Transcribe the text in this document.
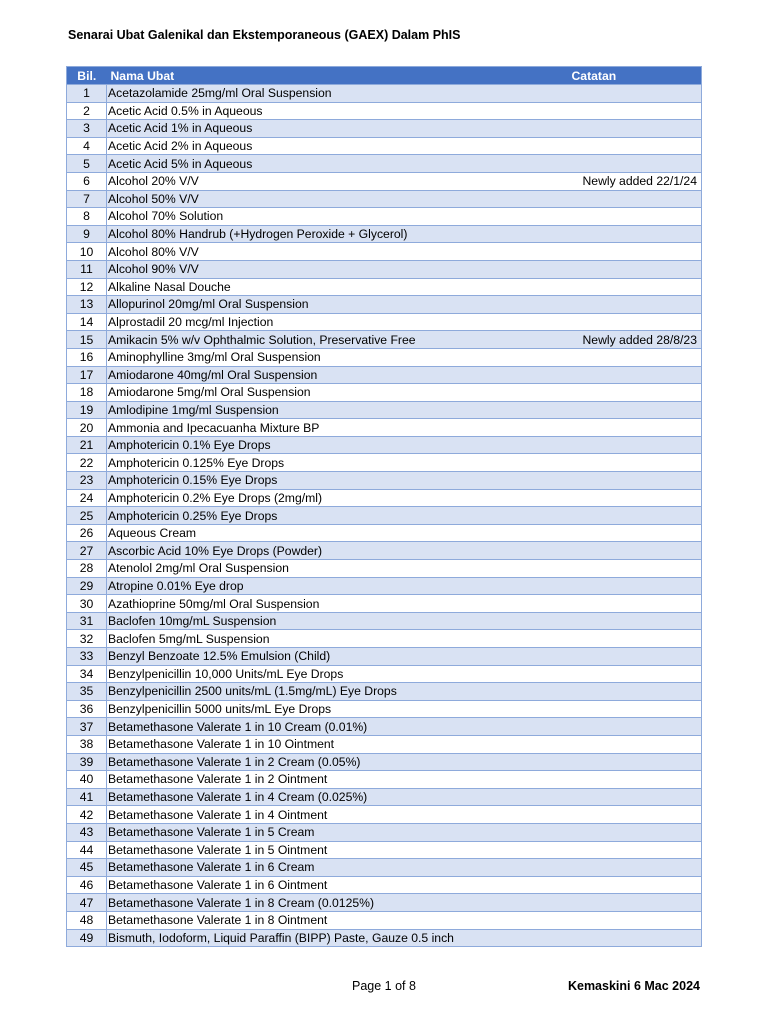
Senarai Ubat Galenikal dan Ekstemporaneous (GAEX) Dalam PhIS
Bil.	Nama Ubat	Catatan
1	Acetazolamide 25mg/ml Oral Suspension	
2	Acetic Acid 0.5% in Aqueous	
3	Acetic Acid 1% in Aqueous	
4	Acetic Acid 2% in Aqueous	
5	Acetic Acid 5% in Aqueous	
6	Alcohol 20% V/V	Newly added 22/1/24
7	Alcohol 50% V/V	
8	Alcohol 70% Solution	
9	Alcohol 80% Handrub (+Hydrogen Peroxide + Glycerol)	
10	Alcohol 80% V/V	
11	Alcohol 90% V/V	
12	Alkaline Nasal Douche	
13	Allopurinol 20mg/ml Oral Suspension	
14	Alprostadil 20 mcg/ml Injection	
15	Amikacin 5% w/v Ophthalmic Solution, Preservative Free	Newly added 28/8/23
16	Aminophylline 3mg/ml Oral Suspension	
17	Amiodarone 40mg/ml Oral Suspension	
18	Amiodarone 5mg/ml Oral Suspension	
19	Amlodipine 1mg/ml Suspension	
20	Ammonia and Ipecacuanha Mixture BP	
21	Amphotericin 0.1% Eye Drops	
22	Amphotericin 0.125% Eye Drops	
23	Amphotericin 0.15% Eye Drops	
24	Amphotericin 0.2% Eye Drops (2mg/ml)	
25	Amphotericin 0.25% Eye Drops	
26	Aqueous Cream	
27	Ascorbic Acid 10% Eye Drops (Powder)	
28	Atenolol 2mg/ml Oral Suspension	
29	Atropine 0.01% Eye drop	
30	Azathioprine 50mg/ml Oral Suspension	
31	Baclofen 10mg/mL Suspension	
32	Baclofen 5mg/mL Suspension	
33	Benzyl Benzoate 12.5% Emulsion (Child)	
34	Benzylpenicillin 10,000 Units/mL Eye Drops	
35	Benzylpenicillin 2500 units/mL (1.5mg/mL) Eye Drops	
36	Benzylpenicillin 5000 units/mL Eye Drops	
37	Betamethasone Valerate 1 in 10 Cream (0.01%)	
38	Betamethasone Valerate 1 in 10 Ointment	
39	Betamethasone Valerate 1 in 2 Cream (0.05%)	
40	Betamethasone Valerate 1 in 2 Ointment	
41	Betamethasone Valerate 1 in 4 Cream (0.025%)	
42	Betamethasone Valerate 1 in 4 Ointment	
43	Betamethasone Valerate 1 in 5 Cream	
44	Betamethasone Valerate 1 in 5 Ointment	
45	Betamethasone Valerate 1 in 6 Cream	
46	Betamethasone Valerate 1 in 6 Ointment	
47	Betamethasone Valerate 1 in 8 Cream (0.0125%)	
48	Betamethasone Valerate 1 in 8 Ointment	
49	Bismuth, Iodoform, Liquid Paraffin (BIPP) Paste, Gauze 0.5 inch	
Page 1 of 8	Kemaskini 6 Mac 2024
